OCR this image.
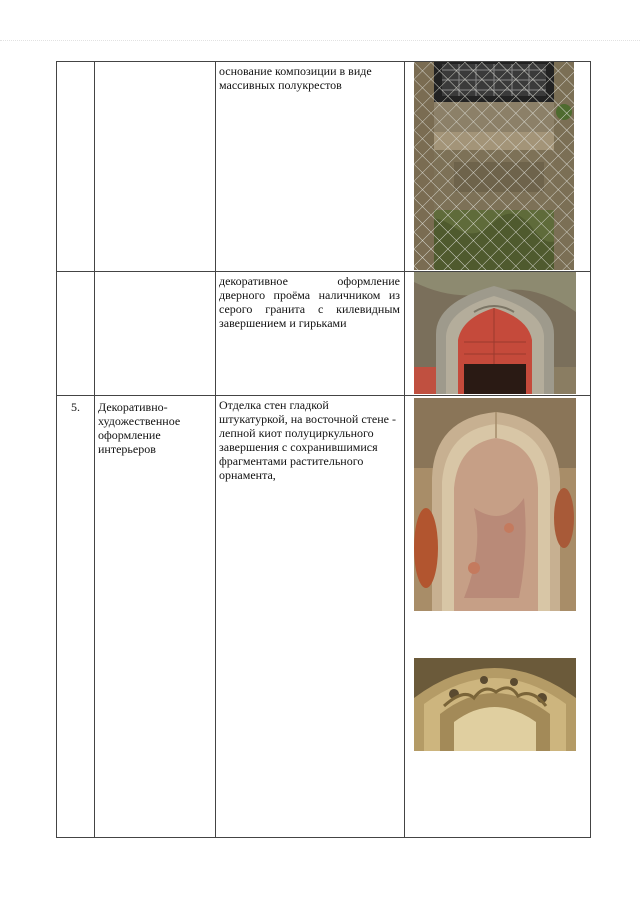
		основание композиции в виде массивных полукрестов

		декоративное оформление дверного проёма наличником из серого гранита с килевидным завершением и гирьками

5.	Декоративно-художественное оформление интерьеров	Отделка стен гладкой штукатуркой, на восточной стене - лепной киот полуциркульного завершения с сохранившимися фрагментами растительного орнамента,
